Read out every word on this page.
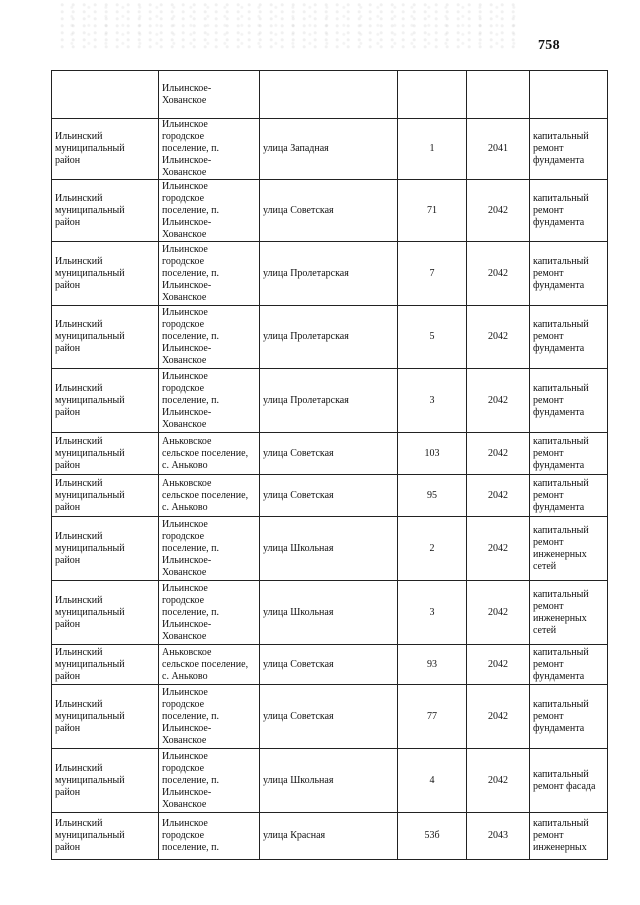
758
	Ильинское-
Хованское				
Ильинский
муниципальный
район	Ильинское
городское
поселение, п.
Ильинское-
Хованское	улица Западная	1	2041	капитальный
ремонт
фундамента
Ильинский
муниципальный
район	Ильинское
городское
поселение, п.
Ильинское-
Хованское	улица Советская	71	2042	капитальный
ремонт
фундамента
Ильинский
муниципальный
район	Ильинское
городское
поселение, п.
Ильинское-
Хованское	улица Пролетарская	7	2042	капитальный
ремонт
фундамента
Ильинский
муниципальный
район	Ильинское
городское
поселение, п.
Ильинское-
Хованское	улица Пролетарская	5	2042	капитальный
ремонт
фундамента
Ильинский
муниципальный
район	Ильинское
городское
поселение, п.
Ильинское-
Хованское	улица Пролетарская	3	2042	капитальный
ремонт
фундамента
Ильинский
муниципальный
район	Аньковское
сельское поселение,
с. Аньково	улица Советская	103	2042	капитальный
ремонт
фундамента
Ильинский
муниципальный
район	Аньковское
сельское поселение,
с. Аньково	улица Советская	95	2042	капитальный
ремонт
фундамента
Ильинский
муниципальный
район	Ильинское
городское
поселение, п.
Ильинское-
Хованское	улица Школьная	2	2042	капитальный
ремонт
инженерных
сетей
Ильинский
муниципальный
район	Ильинское
городское
поселение, п.
Ильинское-
Хованское	улица Школьная	3	2042	капитальный
ремонт
инженерных
сетей
Ильинский
муниципальный
район	Аньковское
сельское поселение,
с. Аньково	улица Советская	93	2042	капитальный
ремонт
фундамента
Ильинский
муниципальный
район	Ильинское
городское
поселение, п.
Ильинское-
Хованское	улица Советская	77	2042	капитальный
ремонт
фундамента
Ильинский
муниципальный
район	Ильинское
городское
поселение, п.
Ильинское-
Хованское	улица Школьная	4	2042	капитальный
ремонт фасада
Ильинский
муниципальный
район	Ильинское
городское
поселение, п.	улица Красная	53б	2043	капитальный
ремонт
инженерных
